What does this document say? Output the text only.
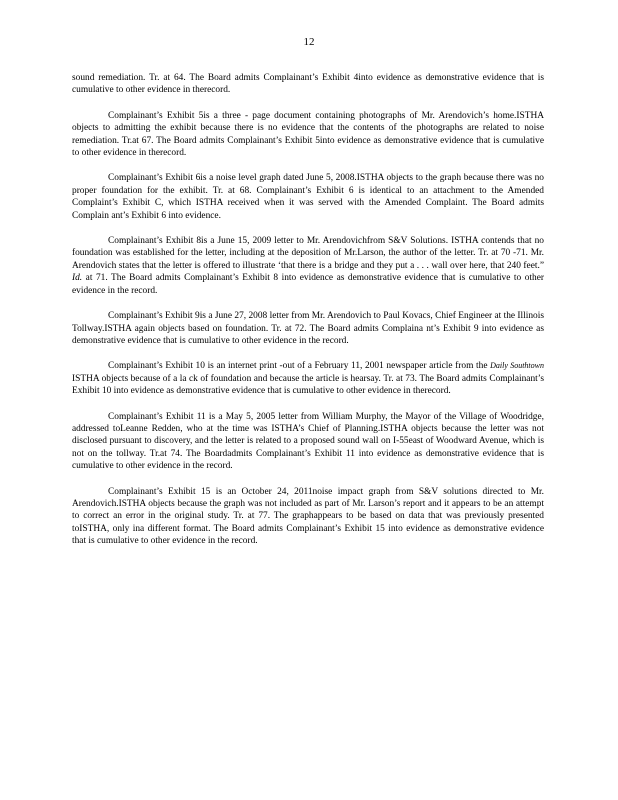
12

sound remediation. Tr. at 64. The Board admits Complainant’s Exhibit 4into evidence as demonstrative evidence that is cumulative to other evidence in therecord.

Complainant’s Exhibit 5is a three - page document containing photographs of Mr. Arendovich’s home.ISTHA objects to admitting the exhibit because there is no evidence that the contents of the photographs are related to noise remediation. Tr.at 67. The Board admits Complainant’s Exhibit 5into evidence as demonstrative evidence that is cumulative to other evidence in therecord.

Complainant’s Exhibit 6is a noise level graph dated June 5, 2008.ISTHA objects to the graph because there was no proper foundation for the exhibit. Tr. at 68. Complainant’s Exhibit 6 is identical to an attachment to the Amended Complaint’s Exhibit C, which ISTHA received when it was served with the Amended Complaint. The Board admits Complain ant’s Exhibit 6 into evidence.

Complainant’s Exhibit 8is a June 15, 2009 letter to Mr. Arendovichfrom S&V Solutions. ISTHA contends that no foundation was established for the letter, including at the deposition of Mr.Larson, the author of the letter. Tr. at 70 -71. Mr. Arendovich states that the letter is offered to illustrate ‘that there is a bridge and they put a . . . wall over here, that 240 feet.” Id. at 71. The Board admits Complainant’s Exhibit 8 into evidence as demonstrative evidence that is cumulative to other evidence in the record.

Complainant’s Exhibit 9is a June 27, 2008 letter from Mr. Arendovich to Paul Kovacs, Chief Engineer at the Illinois Tollway.ISTHA again objects based on foundation. Tr. at 72. The Board admits Complaina nt’s Exhibit 9 into evidence as demonstrative evidence that is cumulative to other evidence in the record.

Complainant’s Exhibit 10 is an internet print -out of a February 11, 2001 newspaper article from the Daily Southtown ISTHA objects because of a la ck of foundation and because the article is hearsay. Tr. at 73. The Board admits Complainant’s Exhibit 10 into evidence as demonstrative evidence that is cumulative to other evidence in therecord.

Complainant’s Exhibit 11 is a May 5, 2005 letter from William Murphy, the Mayor of the Village of Woodridge, addressed toLeanne Redden, who at the time was ISTHA’s Chief of Planning.ISTHA objects because the letter was not disclosed pursuant to discovery, and the letter is related to a proposed sound wall on I-55east of Woodward Avenue, which is not on the tollway. Tr.at 74. The Boardadmits Complainant’s Exhibit 11 into evidence as demonstrative evidence that is cumulative to other evidence in the record.

Complainant’s Exhibit 15 is an October 24, 2011noise impact graph from S&V solutions directed to Mr. Arendovich.ISTHA objects because the graph was not included as part of Mr. Larson’s report and it appears to be an attempt to correct an error in the original study. Tr. at 77. The graphappears to be based on data that was previously presented toISTHA, only ina different format. The Board admits Complainant’s Exhibit 15 into evidence as demonstrative evidence that is cumulative to other evidence in the record.
